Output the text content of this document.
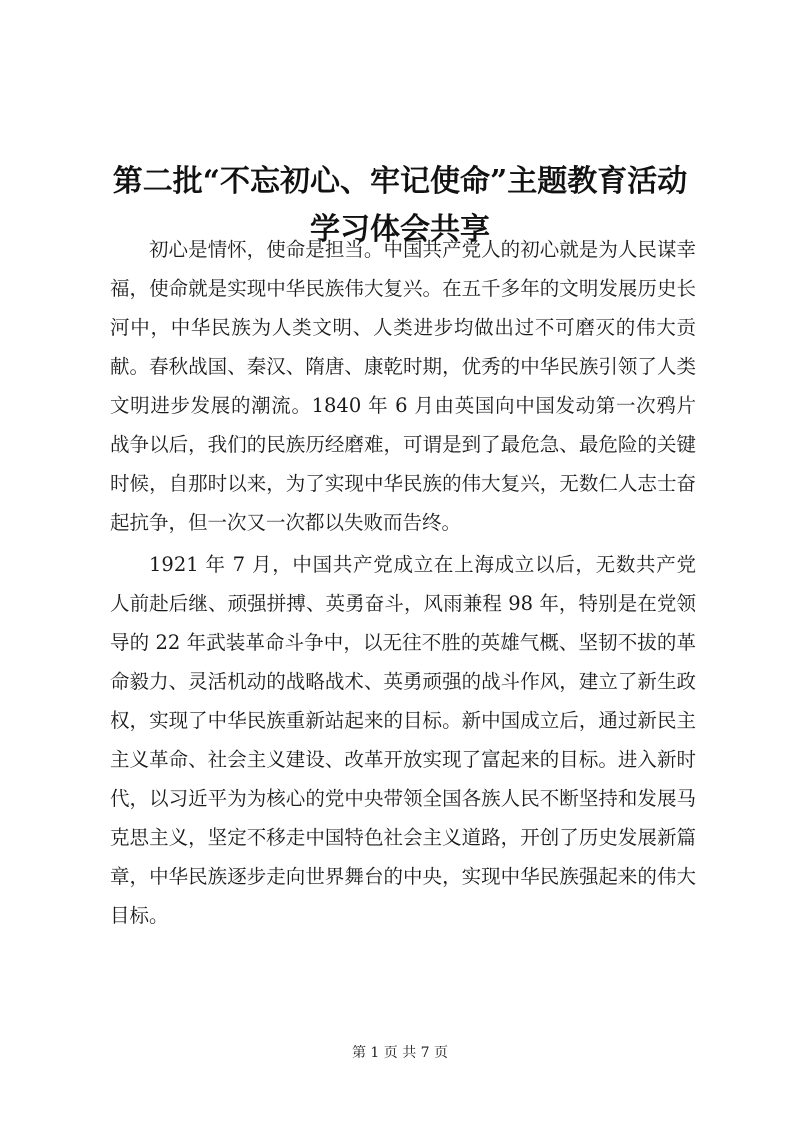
第二批“不忘初心、牢记使命”主题教育活动
学习体会共享

初心是情怀，使命是担当。中国共产党人的初心就是为人民谋幸福，使命就是实现中华民族伟大复兴。在五千多年的文明发展历史长河中，中华民族为人类文明、人类进步均做出过不可磨灭的伟大贡献。春秋战国、秦汉、隋唐、康乾时期，优秀的中华民族引领了人类文明进步发展的潮流。1840 年 6 月由英国向中国发动第一次鸦片战争以后，我们的民族历经磨难，可谓是到了最危急、最危险的关键时候，自那时以来，为了实现中华民族的伟大复兴，无数仁人志士奋起抗争，但一次又一次都以失败而告终。

1921 年 7 月，中国共产党成立在上海成立以后，无数共产党人前赴后继、顽强拼搏、英勇奋斗，风雨兼程 98 年，特别是在党领导的 22 年武装革命斗争中，以无往不胜的英雄气概、坚韧不拔的革命毅力、灵活机动的战略战术、英勇顽强的战斗作风，建立了新生政权，实现了中华民族重新站起来的目标。新中国成立后，通过新民主主义革命、社会主义建设、改革开放实现了富起来的目标。进入新时代，以习近平为为核心的党中央带领全国各族人民不断坚持和发展马克思主义，坚定不移走中国特色社会主义道路，开创了历史发展新篇章，中华民族逐步走向世界舞台的中央，实现中华民族强起来的伟大目标。

第 1 页 共 7 页
